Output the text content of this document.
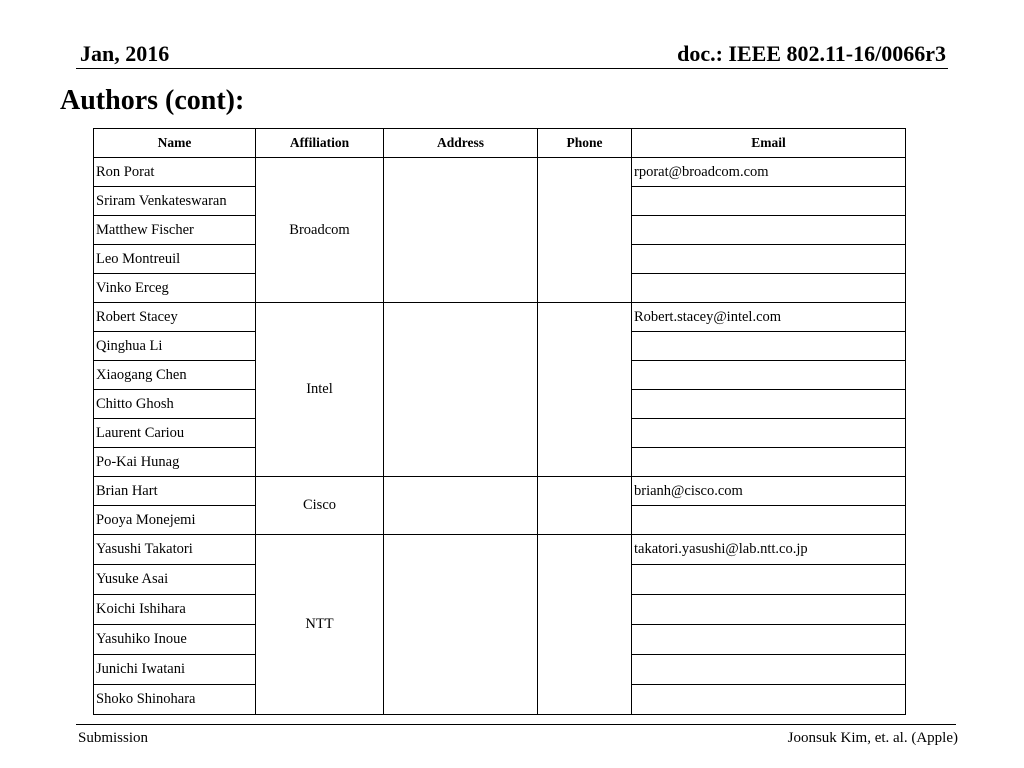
Jan, 2016	doc.: IEEE 802.11-16/0066r3
Authors (cont):
Name	Affiliation	Address	Phone	Email
Ron Porat	Broadcom			rporat@broadcom.com
Sriram Venkateswaran				
Matthew Fischer				
Leo Montreuil				
Vinko Erceg				
Robert Stacey	Intel			Robert.stacey@intel.com
Qinghua Li				
Xiaogang Chen				
Chitto Ghosh				
Laurent Cariou				
Po-Kai Hunag				
Brian Hart	Cisco			brianh@cisco.com
Pooya Monejemi				
Yasushi Takatori	NTT			takatori.yasushi@lab.ntt.co.jp
Yusuke Asai				
Koichi Ishihara				
Yasuhiko Inoue				
Junichi Iwatani				
Shoko Shinohara				
Submission	Joonsuk Kim, et. al. (Apple)
